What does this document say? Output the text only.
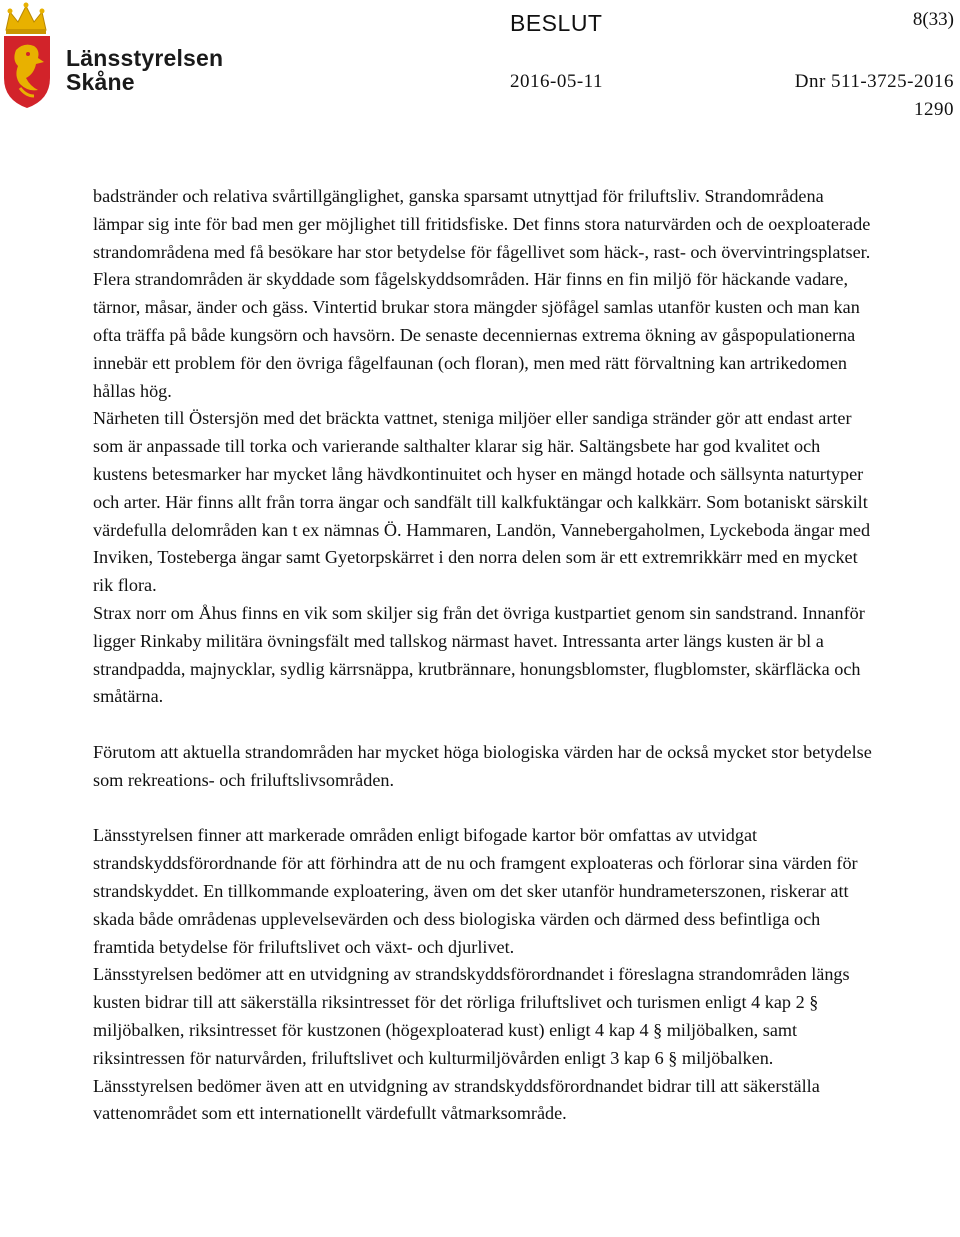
Länsstyrelsen
Skåne
BESLUT	8(33)
2016-05-11	Dnr 511-3725-2016
1290

badstränder och relativa svårtillgänglighet, ganska sparsamt utnyttjad för friluftsliv. Strandområdena lämpar sig inte för bad men ger möjlighet till fritidsfiske. Det finns stora naturvärden och de oexploaterade strandområdena med få besökare har stor betydelse för fågellivet som häck-, rast- och övervintringsplatser. Flera strandområden är skyddade som fågelskyddsområden. Här finns en fin miljö för häckande vadare, tärnor, måsar, änder och gäss. Vintertid brukar stora mängder sjöfågel samlas utanför kusten och man kan ofta träffa på både kungsörn och havsörn. De senaste decenniernas extrema ökning av gåspopulationerna innebär ett problem för den övriga fågelfaunan (och floran), men med rätt förvaltning kan artrikedomen hållas hög.

Närheten till Östersjön med det bräckta vattnet, steniga miljöer eller sandiga stränder gör att endast arter som är anpassade till torka och varierande salthalter klarar sig här. Saltängsbete har god kvalitet och kustens betesmarker har mycket lång hävdkontinuitet och hyser en mängd hotade och sällsynta naturtyper och arter. Här finns allt från torra ängar och sandfält till kalkfuktängar och kalkkärr. Som botaniskt särskilt värdefulla delområden kan t ex nämnas Ö. Hammaren, Landön, Vannebergaholmen, Lyckeboda ängar med Inviken, Tosteberga ängar samt Gyetorpskärret i den norra delen som är ett extremrikkärr med en mycket rik flora.

Strax norr om Åhus finns en vik som skiljer sig från det övriga kustpartiet genom sin sandstrand. Innanför ligger Rinkaby militära övningsfält med tallskog närmast havet. Intressanta arter längs kusten är bl a strandpadda, majnycklar, sydlig kärrsnäppa, krutbrännare, honungsblomster, flugblomster, skärfläcka och småtärna.

Förutom att aktuella strandområden har mycket höga biologiska värden har de också mycket stor betydelse som rekreations- och friluftslivsområden.

Länsstyrelsen finner att markerade områden enligt bifogade kartor bör omfattas av utvidgat strandskyddsförordnande för att förhindra att de nu och framgent exploateras och förlorar sina värden för strandskyddet. En tillkommande exploatering, även om det sker utanför hundrameterszonen, riskerar att skada både områdenas upplevelsevärden och dess biologiska värden och därmed dess befintliga och framtida betydelse för friluftslivet och växt- och djurlivet.

Länsstyrelsen bedömer att en utvidgning av strandskyddsförordnandet i föreslagna strandområden längs kusten bidrar till att säkerställa riksintresset för det rörliga friluftslivet och turismen enligt 4 kap 2 § miljöbalken, riksintresset för kustzonen (högexploaterad kust) enligt 4 kap 4 § miljöbalken, samt riksintressen för naturvården, friluftslivet och kulturmiljövården enligt 3 kap 6 § miljöbalken.

Länsstyrelsen bedömer även att en utvidgning av strandskyddsförordnandet bidrar till att säkerställa vattenområdet som ett internationellt värdefullt våtmarksområde.
